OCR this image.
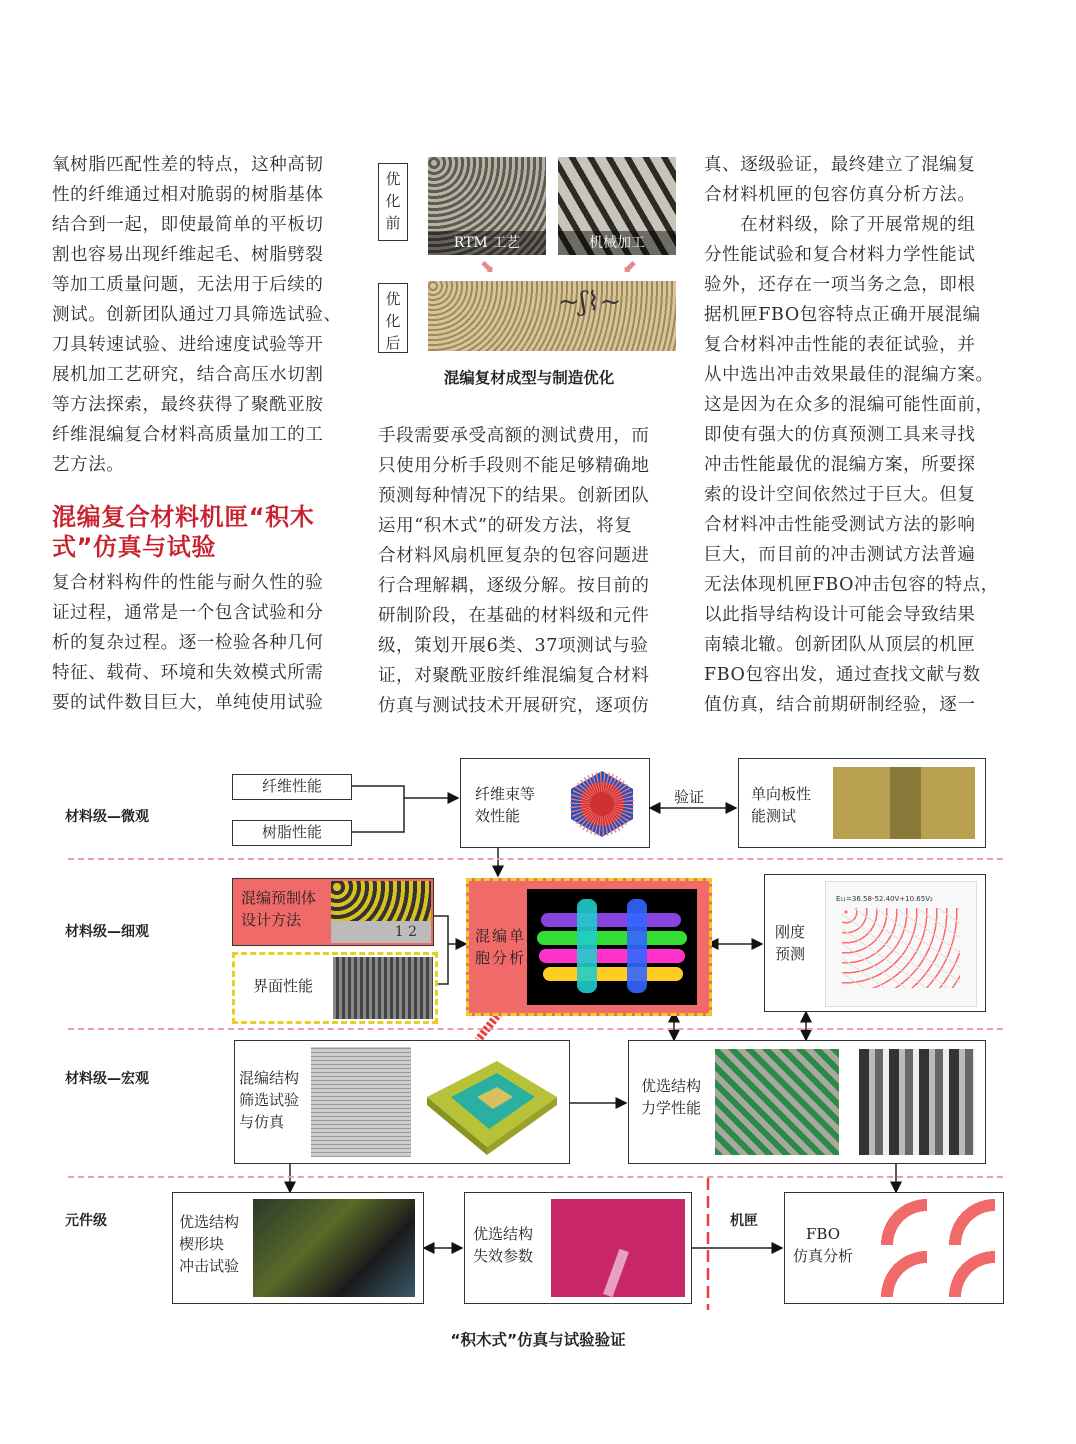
氧树脂匹配性差的特点，这种高韧
性的纤维通过相对脆弱的树脂基体
结合到一起，即使最简单的平板切
割也容易出现纤维起毛、树脂劈裂
等加工质量问题，无法用于后续的
测试。创新团队通过刀具筛选试验、
刀具转速试验、进给速度试验等开
展机加工艺研究，结合高压水切割
等方法探索，最终获得了聚酰亚胺
纤维混编复合材料高质量加工的工
艺方法。

混编复合材料机匣“积木
式”仿真与试验

复合材料构件的性能与耐久性的验
证过程，通常是一个包含试验和分
析的复杂过程。逐一检验各种几何
特征、载荷、环境和失效模式所需
要的试件数目巨大，单纯使用试验

优 化 前
RTM 工艺	机械加工
⬊	⬋
优 化 后
~ʃ⌇~
混编复材成型与制造优化

手段需要承受高额的测试费用，而
只使用分析手段则不能足够精确地
预测每种情况下的结果。创新团队
运用“积木式”的研发方法，将复
合材料风扇机匣复杂的包容问题进
行合理解耦，逐级分解。按目前的
研制阶段，在基础的材料级和元件
级，策划开展6类、37项测试与验
证，对聚酰亚胺纤维混编复合材料
仿真与测试技术开展研究，逐项仿

真、逐级验证，最终建立了混编复
合材料机匣的包容仿真分析方法。

　　在材料级，除了开展常规的组
分性能试验和复合材料力学性能试
验外，还存在一项当务之急，即根
据机匣FBO包容特点正确开展混编
复合材料冲击性能的表征试验，并
从中选出冲击效果最佳的混编方案。
这是因为在众多的混编可能性面前，
即使有强大的仿真预测工具来寻找
冲击性能最优的混编方案，所要探
索的设计空间依然过于巨大。但复
合材料冲击性能受测试方法的影响
巨大，而目前的冲击测试方法普遍
无法体现机匣FBO冲击包容的特点，
以此指导结构设计可能会导致结果
南辕北辙。创新团队从顶层的机匣
FBO包容出发，通过查找文献与数
值仿真，结合前期研制经验，逐一

材料级—微观
材料级—细观
材料级—宏观
元件级
纤维性能
树脂性能
纤维束等
效性能
验证	单向板性
能测试
混编预制体
设计方法
1 2
界面性能
混编单
胞分析
刚度
预测
E₁₁=36.58-52.40V+10.65V₂
混编结构
筛选试验
与仿真
优选结构
力学性能
优选结构
楔形块
冲击试验
优选结构
失效参数
机匣
FBO
仿真分析
“积木式”仿真与试验验证
